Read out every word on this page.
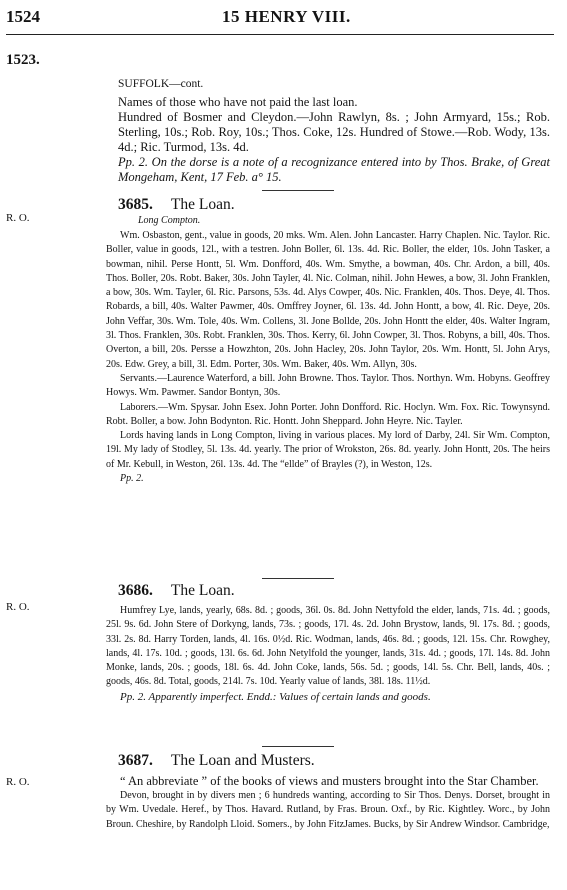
1524	15 HENRY VIII.
1523.
SUFFOLK—cont.

Names of those who have not paid the last loan.

Hundred of Bosmer and Cleydon.—John Rawlyn, 8s. ; John Armyard, 15s.; Rob. Sterling, 10s.; Rob. Roy, 10s.; Thos. Coke, 12s. Hundred of Stowe.—Rob. Wody, 13s. 4d.; Ric. Turmod, 13s. 4d.

Pp. 2. On the dorse is a note of a recognizance entered into by Thos. Brake, of Great Mongeham, Kent, 17 Feb. a° 15.

R. O.
3685. The Loan.
Long Compton.

Wm. Osbaston, gent., value in goods, 20 mks. Wm. Alen. John Lancaster. Harry Chaplen. Nic. Taylor. Ric. Boller, value in goods, 12l., with a testren. John Boller, 6l. 13s. 4d. Ric. Boller, the elder, 10s. John Tasker, a bowman, nihil. Perse Hontt, 5l. Wm. Donfford, 40s. Wm. Smythe, a bowman, 40s. Chr. Ardon, a bill, 40s. Thos. Boller, 20s. Robt. Baker, 30s. John Tayler, 4l. Nic. Colman, nihil. John Hewes, a bow, 3l. John Franklen, a bow, 30s. Wm. Tayler, 6l. Ric. Parsons, 53s. 4d. Alys Cowper, 40s. Nic. Franklen, 40s. Thos. Deye, 4l. Thos. Robards, a bill, 40s. Walter Pawmer, 40s. Omffrey Joyner, 6l. 13s. 4d. John Hontt, a bow, 4l. Ric. Deye, 20s. John Veffar, 30s. Wm. Tole, 40s. Wm. Collens, 3l. Jone Bollde, 20s. John Hontt the elder, 40s. Walter Ingram, 3l. Thos. Franklen, 30s. Robt. Franklen, 30s. Thos. Kerry, 6l. John Cowper, 3l. Thos. Robyns, a bill, 40s. Thos. Overton, a bill, 20s. Persse a Howzhton, 20s. John Hacley, 20s. John Taylor, 20s. Wm. Hontt, 5l. John Arys, 20s. Edw. Grey, a bill, 3l. Edm. Porter, 30s. Wm. Baker, 40s. Wm. Allyn, 30s.

Servants.—Laurence Waterford, a bill. John Browne. Thos. Taylor. Thos. Northyn. Wm. Hobyns. Geoffrey Howys. Wm. Pawmer. Sandor Bontyn, 30s.

Laborers.—Wm. Spysar. John Esex. John Porter. John Donfford. Ric. Hoclyn. Wm. Fox. Ric. Towynsynd. Robt. Boller, a bow. John Bodynton. Ric. Hontt. John Sheppard. John Heyre. Nic. Tayler.

Lords having lands in Long Compton, living in various places. My lord of Darby, 24l. Sir Wm. Compton, 19l. My lady of Stodley, 5l. 13s. 4d. yearly. The prior of Wrokston, 26s. 8d. yearly. John Hontt, 20s. The heirs of Mr. Kebull, in Weston, 26l. 13s. 4d. The “ellde” of Brayles (?), in Weston, 12s.

Pp. 2.

R. O.
3686. The Loan.

Humfrey Lye, lands, yearly, 68s. 8d. ; goods, 36l. 0s. 8d. John Nettyfold the elder, lands, 71s. 4d. ; goods, 25l. 9s. 6d. John Stere of Dorkyng, lands, 73s. ; goods, 17l. 4s. 2d. John Brystow, lands, 9l. 17s. 8d. ; goods, 33l. 2s. 8d. Harry Torden, lands, 4l. 16s. 0½d. Ric. Wodman, lands, 46s. 8d. ; goods, 12l. 15s. Chr. Rowghey, lands, 4l. 17s. 10d. ; goods, 13l. 6s. 6d. John Netylfold the younger, lands, 31s. 4d. ; goods, 17l. 14s. 8d. John Monke, lands, 20s. ; goods, 18l. 6s. 4d. John Coke, lands, 56s. 5d. ; goods, 14l. 5s. Chr. Bell, lands, 40s. ; goods, 46s. 8d. Total, goods, 214l. 7s. 10d. Yearly value of lands, 38l. 18s. 11½d.

Pp. 2. Apparently imperfect. Endd.: Values of certain lands and goods.

R. O.
3687. The Loan and Musters.

“ An abbreviate ” of the books of views and musters brought into the Star Chamber.

Devon, brought in by divers men ; 6 hundreds wanting, according to Sir Thos. Denys. Dorset, brought in by Wm. Uvedale. Heref., by Thos. Havard. Rutland, by Fras. Broun. Oxf., by Ric. Kightley. Worc., by John Broun. Cheshire, by Randolph Lloid. Somers., by John FitzJames. Bucks, by Sir Andrew Windsor. Cambridge,
